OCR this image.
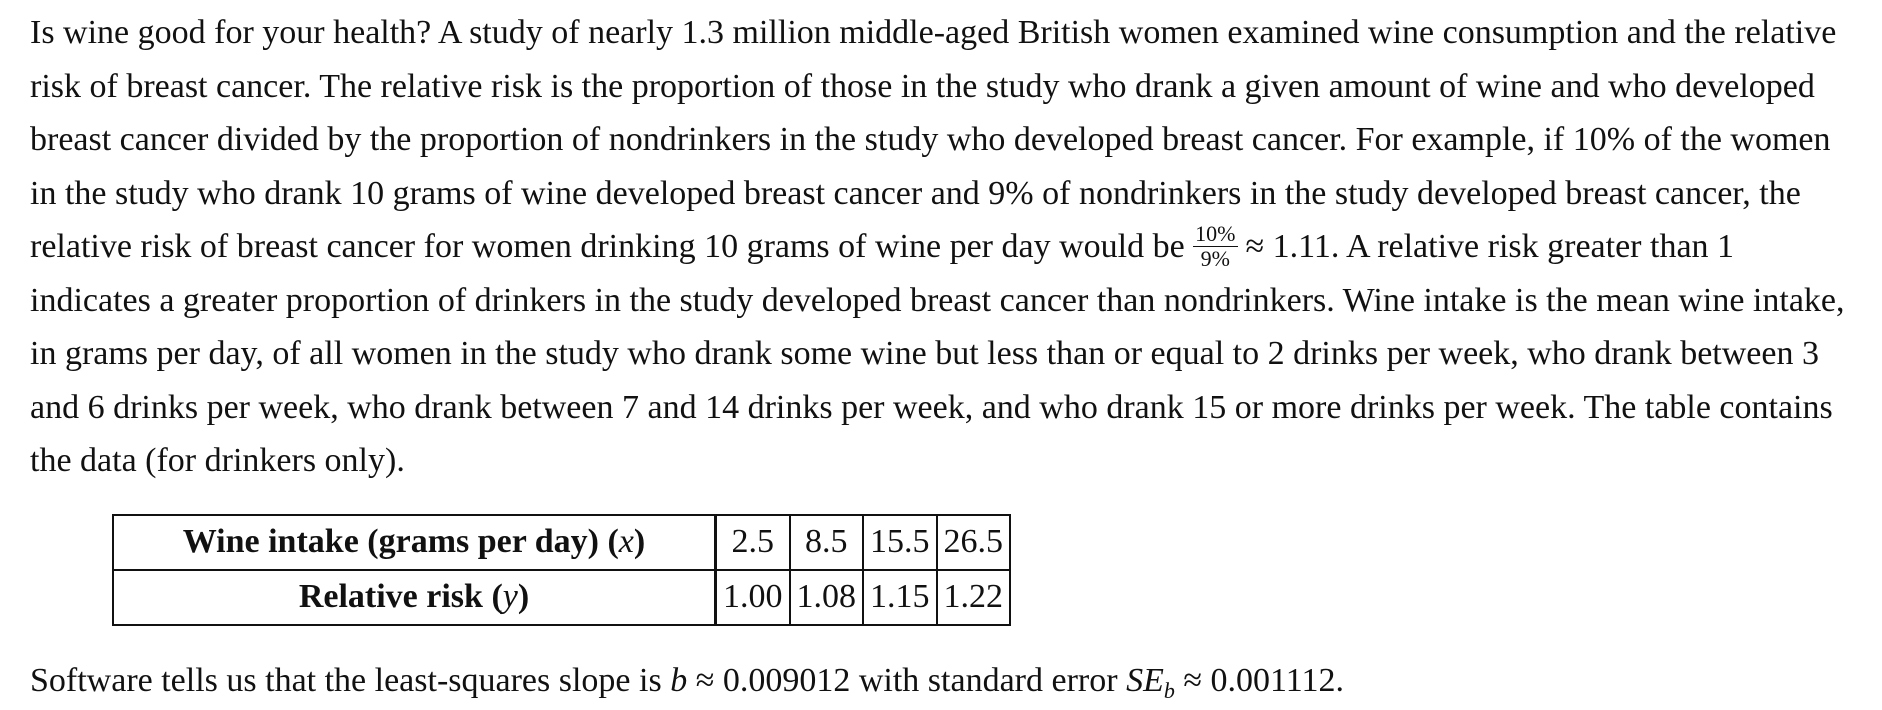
Is wine good for your health? A study of nearly 1.3 million middle-aged British women examined wine consumption and the relative risk of breast cancer. The relative risk is the proportion of those in the study who drank a given amount of wine and who developed breast cancer divided by the proportion of nondrinkers in the study who developed breast cancer. For example, if 10% of the women in the study who drank 10 grams of wine developed breast cancer and 9% of nondrinkers in the study developed breast cancer, the relative risk of breast cancer for women drinking 10 grams of wine per day would be $\frac{10\%}{9\%} \approx 1.11$. A relative risk greater than 1 indicates a greater proportion of drinkers in the study developed breast cancer than nondrinkers. Wine intake is the mean wine intake, in grams per day, of all women in the study who drank some wine but less than or equal to 2 drinks per week, who drank between 3 and 6 drinks per week, who drank between 7 and 14 drinks per week, and who drank 15 or more drinks per week. The table contains the data (for drinkers only).

Wine intake (grams per day) (x)	2.5	8.5	15.5	26.5
Relative risk (y)	1.00	1.08	1.15	1.22
Software tells us that the least-squares slope is b ≈ 0.009012 with standard error $SE_b \approx 0.001112$.
